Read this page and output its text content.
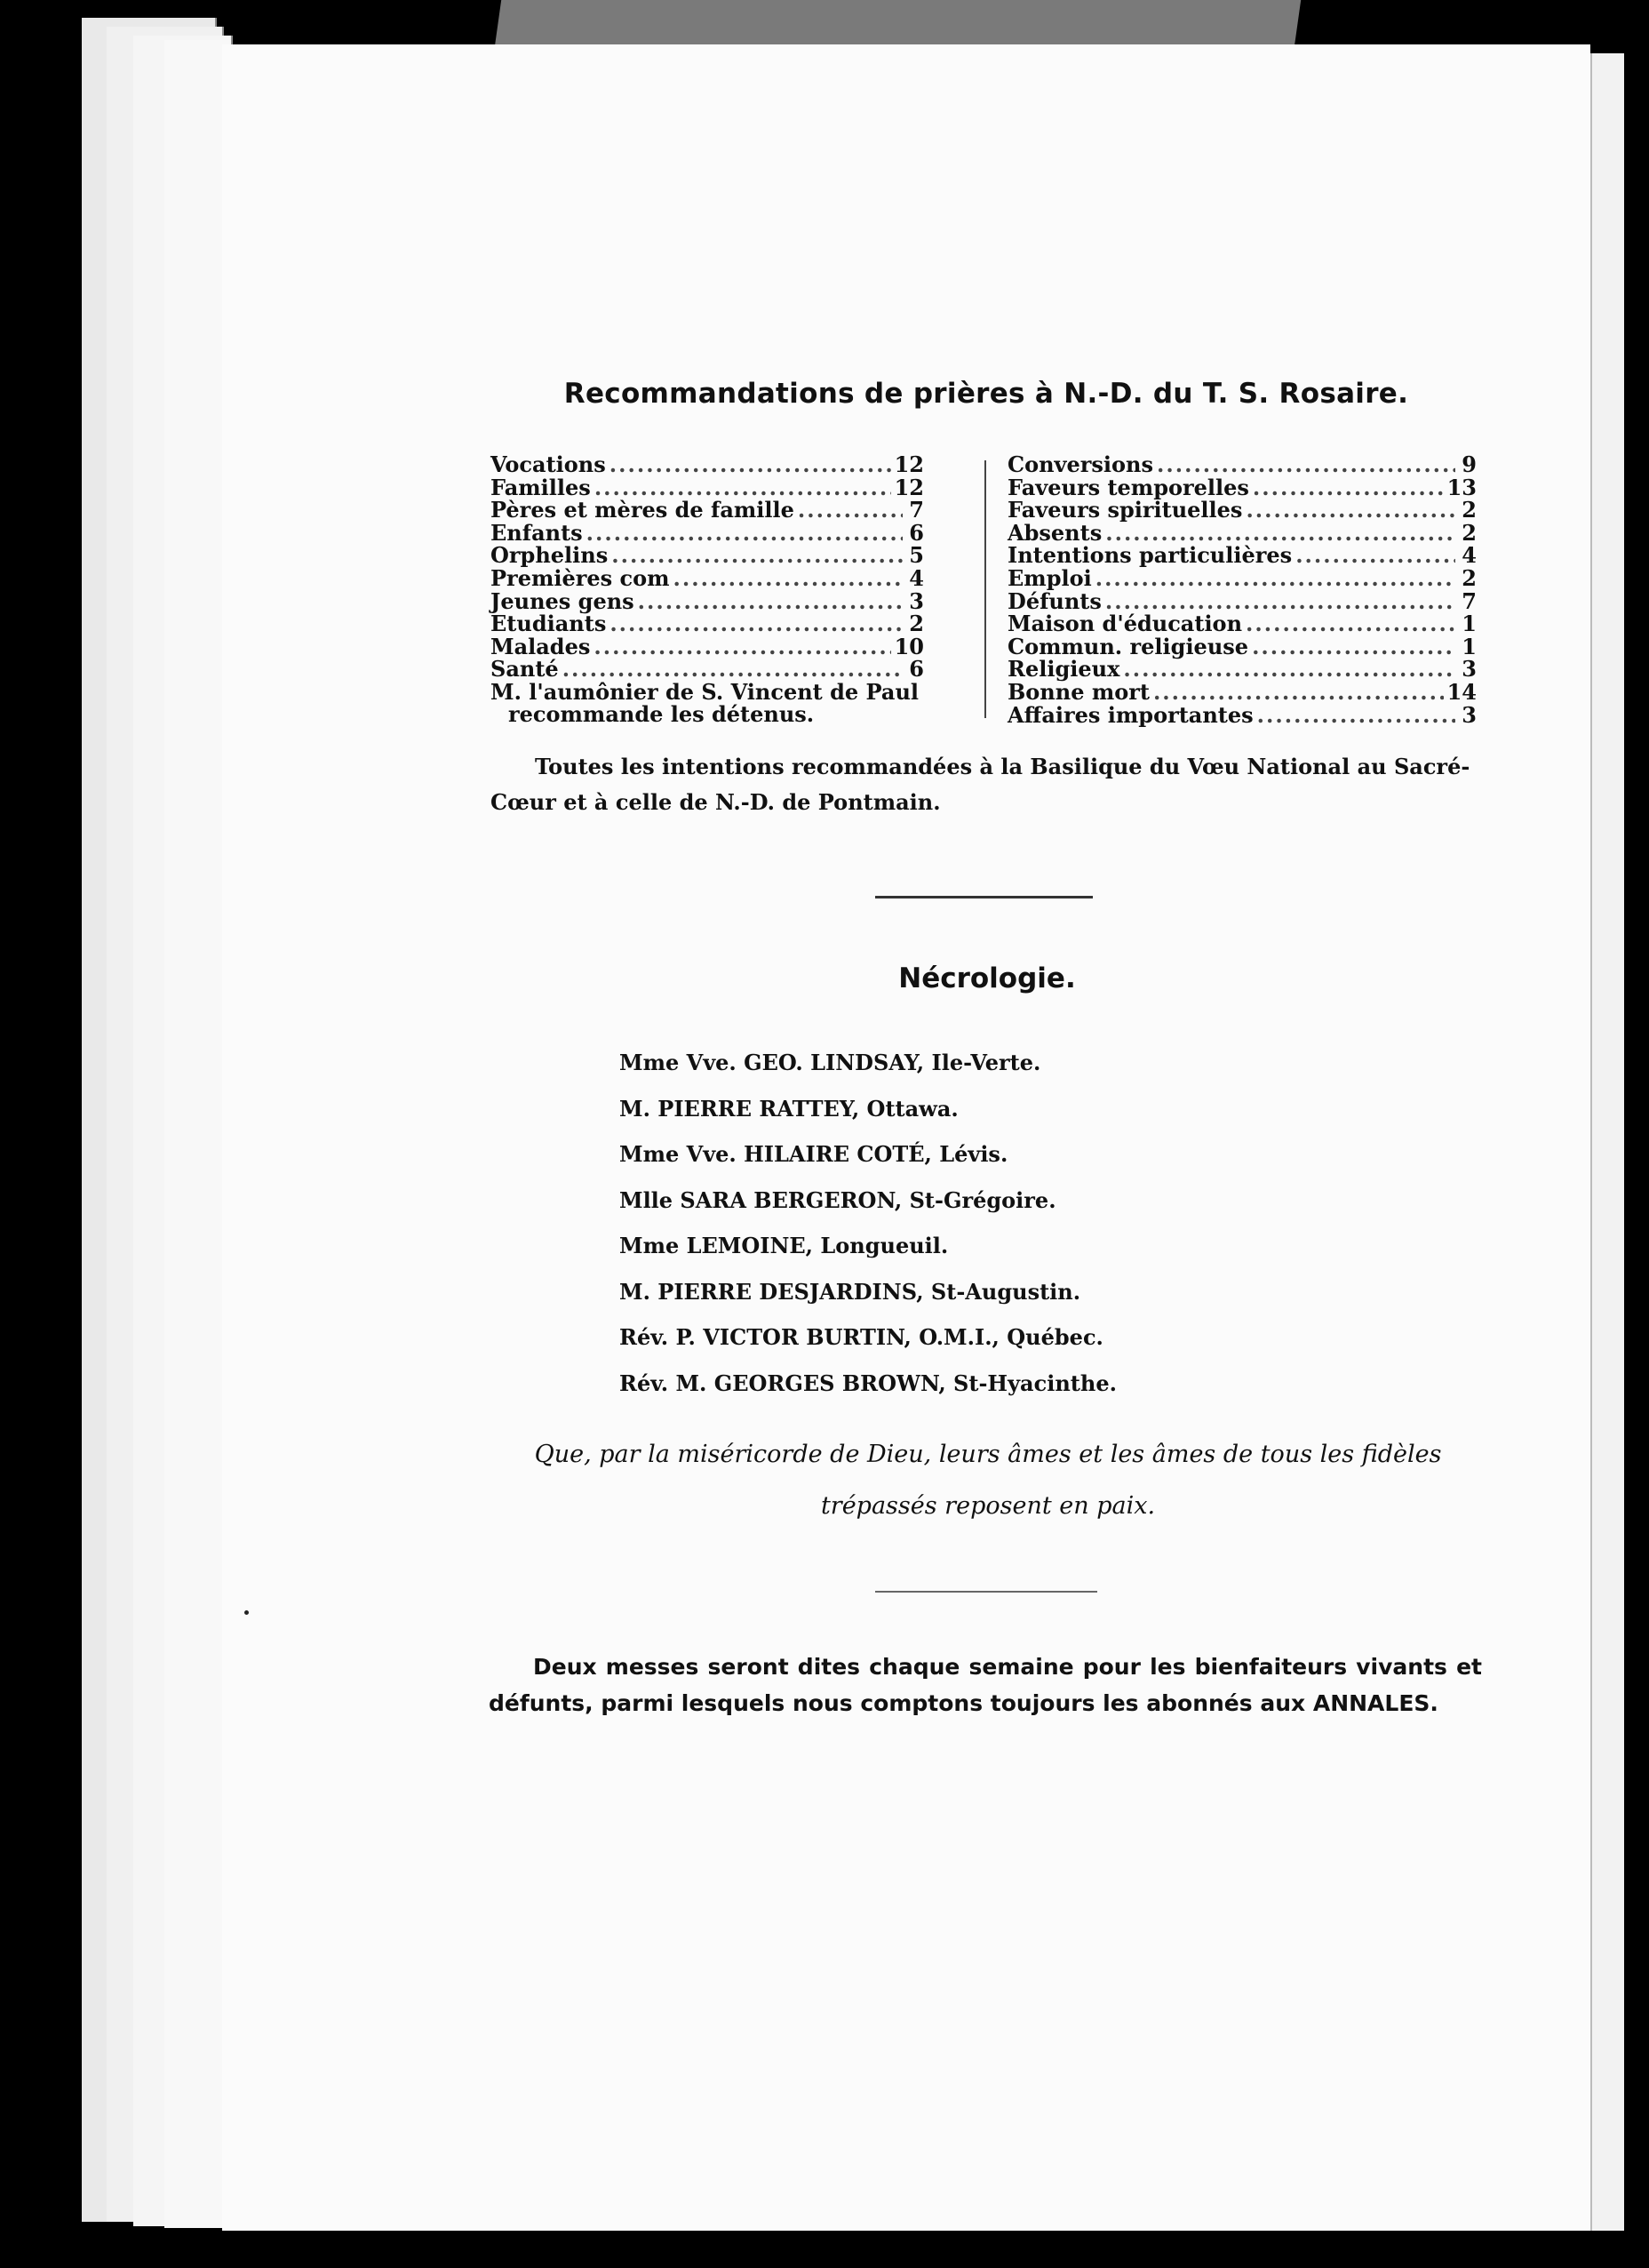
Recommandations de prières à N.-D. du T. S. Rosaire.
Vocations .....	12
Familles .....	12
Pères et mères de famille .....	7
Enfants .....	6
Orphelins .....	5
Premières com .....	4
Jeunes gens .....	3
Etudiants .....	2
Malades .....	10
Santé .....	6
M. l'aumônier de S. Vincent de Paul
recommande les détenus.
Conversions .....	9
Faveurs temporelles .....	13
Faveurs spirituelles .....	2
Absents .....	2
Intentions particulières .....	4
Emploi .....	2
Défunts .....	7
Maison d'éducation .....	1
Commun. religieuse .....	1
Religieux .....	3
Bonne mort .....	14
Affaires importantes .....	3
Toutes les intentions recommandées à la Basilique du Vœu National au Sacré-Cœur et à celle de N.-D. de Pontmain.
Nécrologie.
Mme Vve. GEO. LINDSAY, Ile-Verte.
M. PIERRE RATTEY, Ottawa.
Mme Vve. HILAIRE COTÉ, Lévis.
Mlle SARA BERGERON, St-Grégoire.
Mme LEMOINE, Longueuil.
M. PIERRE DESJARDINS, St-Augustin.
Rév. P. VICTOR BURTIN, O.M.I., Québec.
Rév. M. GEORGES BROWN, St-Hyacinthe.
Que, par la miséricorde de Dieu, leurs âmes et les âmes de tous les fidèles
trépassés reposent en paix.
Deux messes seront dites chaque semaine pour les bienfaiteurs vivants et défunts, parmi lesquels nous comptons toujours les abonnés aux ANNALES.
